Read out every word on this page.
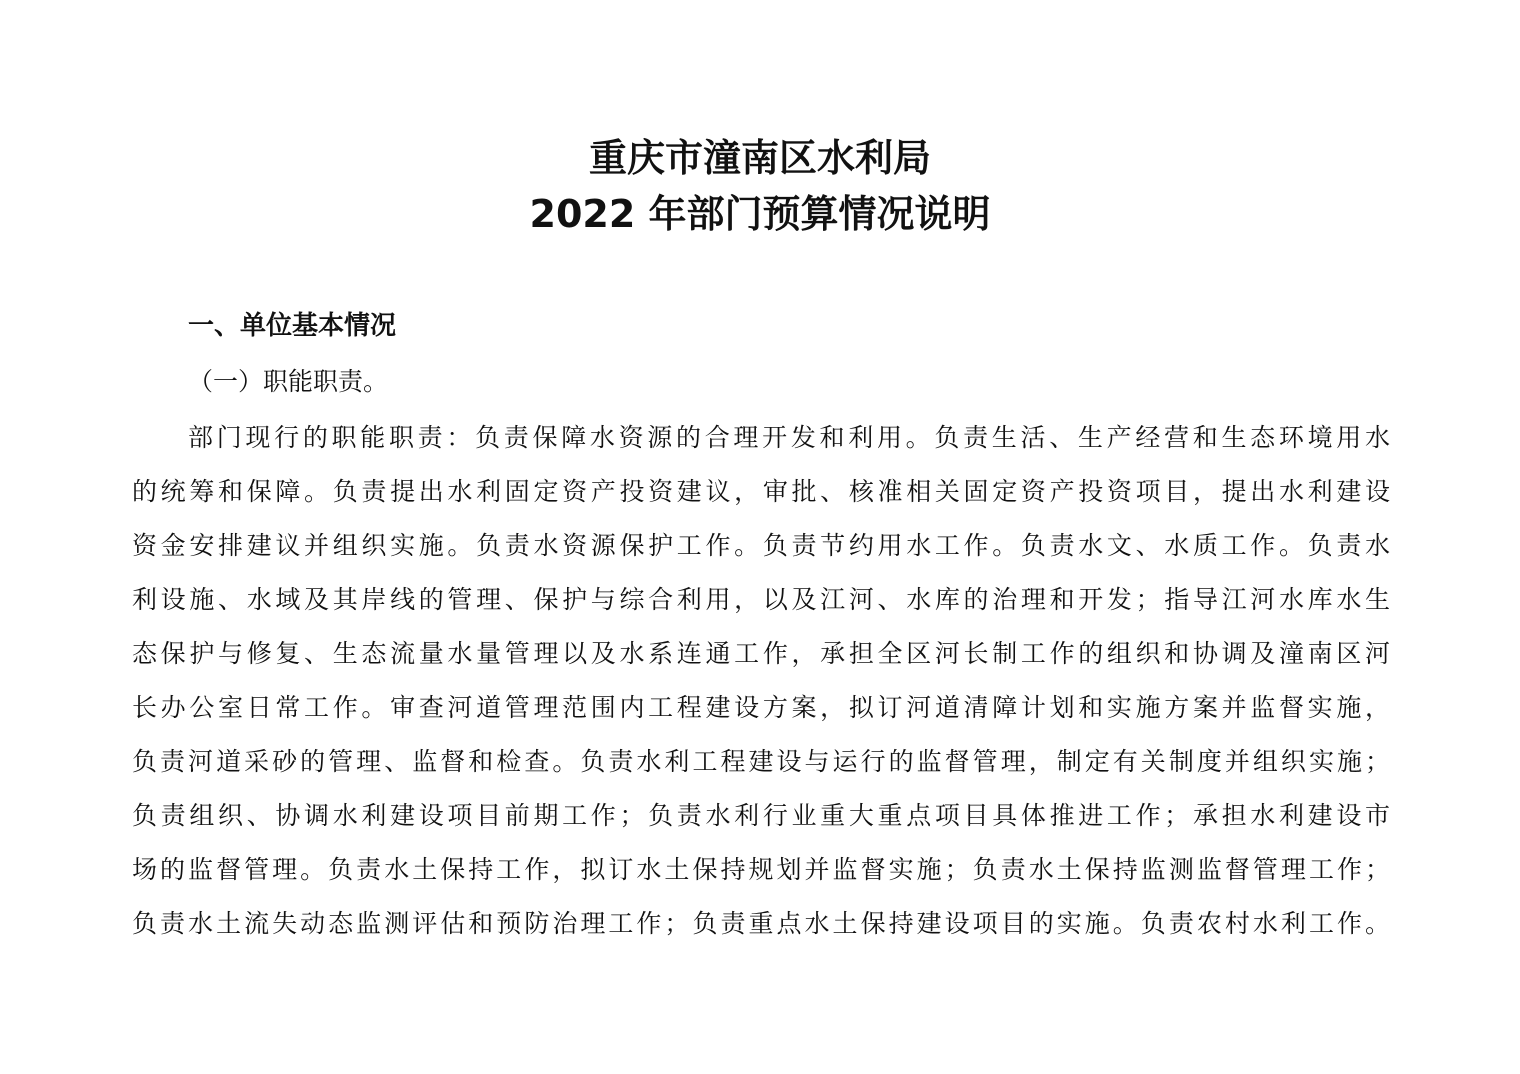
重庆市潼南区水利局
2022 年部门预算情况说明
一、单位基本情况
（一）职能职责。
部门现行的职能职责：负责保障水资源的合理开发和利用。负责生活、生产经营和生态环境用水
的统筹和保障。负责提出水利固定资产投资建议，审批、核准相关固定资产投资项目，提出水利建设
资金安排建议并组织实施。负责水资源保护工作。负责节约用水工作。负责水文、水质工作。负责水
利设施、水域及其岸线的管理、保护与综合利用，以及江河、水库的治理和开发；指导江河水库水生
态保护与修复、生态流量水量管理以及水系连通工作，承担全区河长制工作的组织和协调及潼南区河
长办公室日常工作。审查河道管理范围内工程建设方案，拟订河道清障计划和实施方案并监督实施，
负责河道采砂的管理、监督和检查。负责水利工程建设与运行的监督管理，制定有关制度并组织实施；
负责组织、协调水利建设项目前期工作；负责水利行业重大重点项目具体推进工作；承担水利建设市
场的监督管理。负责水土保持工作，拟订水土保持规划并监督实施；负责水土保持监测监督管理工作；
负责水土流失动态监测评估和预防治理工作；负责重点水土保持建设项目的实施。负责农村水利工作。
